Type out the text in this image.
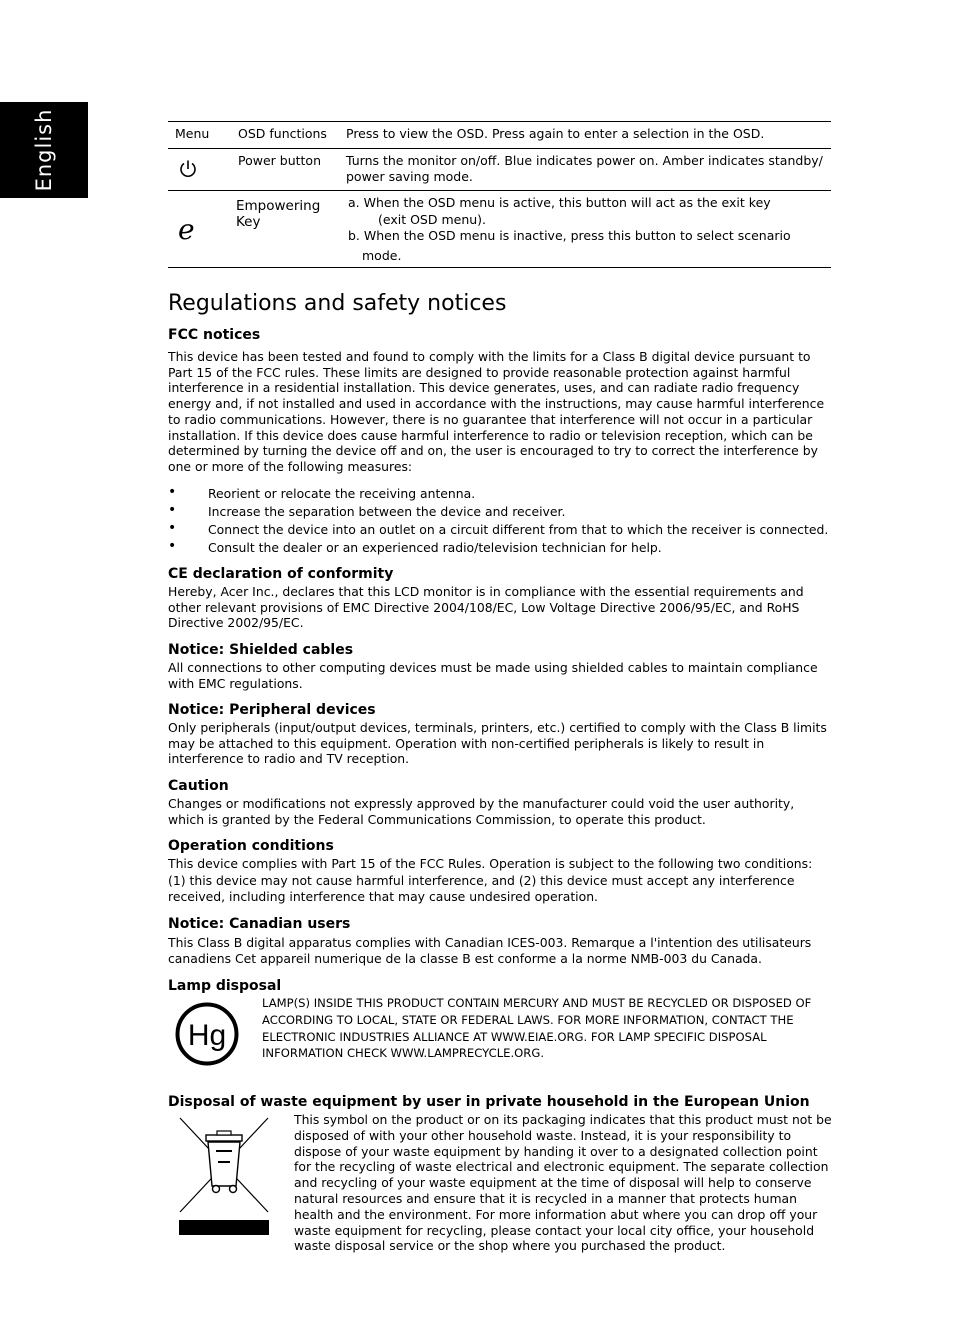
English	Menu	OSD functions	Press to view the OSD. Press again to enter a selection in the OSD.

	Power button	Turns the monitor on/off. Blue indicates power on. Amber indicates standby/
power saving mode.

e	Empowering Key	a. When the OSD menu is active, this button will act as the exit key
(exit OSD menu).
b. When the OSD menu is inactive, press this button to select scenario
mode.
Regulations and safety notices
FCC notices

This device has been tested and found to comply with the limits for a Class B digital device pursuant to Part 15 of the FCC rules. These limits are designed to provide reasonable protection against harmful interference in a residential installation. This device generates, uses, and can radiate radio frequency energy and, if not installed and used in accordance with the instructions, may cause harmful interference to radio communications. However, there is no guarantee that interference will not occur in a particular installation. If this device does cause harmful interference to radio or television reception, which can be determined by turning the device off and on, the user is encouraged to try to correct the interference by one or more of the following measures:

•	Reorient or relocate the receiving antenna.
•	Increase the separation between the device and receiver.
•	Connect the device into an outlet on a circuit different from that to which the receiver is connected.
•	Consult the dealer or an experienced radio/television technician for help.
CE declaration of conformity

Hereby, Acer Inc., declares that this LCD monitor is in compliance with the essential requirements and other relevant provisions of EMC Directive 2004/108/EC, Low Voltage Directive 2006/95/EC, and RoHS Directive 2002/95/EC.

Notice: Shielded cables

All connections to other computing devices must be made using shielded cables to maintain compliance with EMC regulations.

Notice: Peripheral devices

Only peripherals (input/output devices, terminals, printers, etc.) certified to comply with the Class B limits may be attached to this equipment. Operation with non-certified peripherals is likely to result in interference to radio and TV reception.

Caution

Changes or modifications not expressly approved by the manufacturer could void the user authority, which is granted by the Federal Communications Commission, to operate this product.

Operation conditions

This device complies with Part 15 of the FCC Rules. Operation is subject to the following two conditions: (1) this device may not cause harmful interference, and (2) this device must accept any interference received, including interference that may cause undesired operation.

Notice: Canadian users

This Class B digital apparatus complies with Canadian ICES-003. Remarque a l'intention des utilisateurs canadiens Cet appareil numerique de la classe B est conforme a la norme NMB-003 du Canada.

Lamp disposal
Hg

LAMP(S) INSIDE THIS PRODUCT CONTAIN MERCURY AND MUST BE RECYCLED OR DISPOSED OF ACCORDING TO LOCAL, STATE OR FEDERAL LAWS. FOR MORE INFORMATION, CONTACT THE ELECTRONIC INDUSTRIES ALLIANCE AT WWW.EIAE.ORG. FOR LAMP SPECIFIC DISPOSAL INFORMATION CHECK WWW.LAMPRECYCLE.ORG.

Disposal of waste equipment by user in private household in the European Union

This symbol on the product or on its packaging indicates that this product must not be disposed of with your other household waste. Instead, it is your responsibility to dispose of your waste equipment by handing it over to a designated collection point for the recycling of waste electrical and electronic equipment. The separate collection and recycling of your waste equipment at the time of disposal will help to conserve natural resources and ensure that it is recycled in a manner that protects human health and the environment. For more information abut where you can drop off your waste equipment for recycling, please contact your local city office, your household waste disposal service or the shop where you purchased the product.
